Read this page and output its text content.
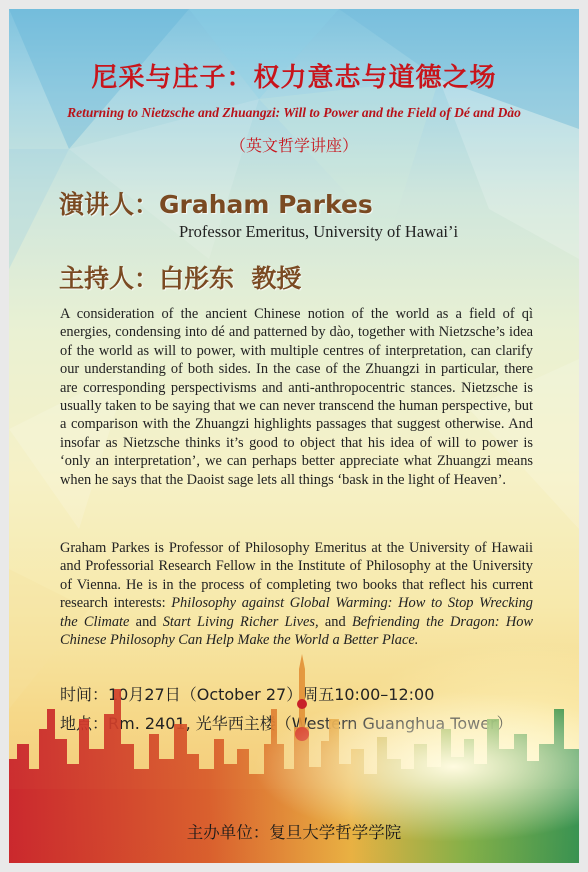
尼采与庄子：权力意志与道德之场
Returning to Nietzsche and Zhuangzi: Will to Power and the Field of Dé and Dào
（英文哲学讲座）
演讲人：Graham Parkes
Professor Emeritus, University of Hawai’i
主持人：白彤东  教授

A consideration of the ancient Chinese notion of the world as a field of qì energies, condensing into dé and patterned by dào, together with Nietzsche’s idea of the world as will to power, with multiple centres of interpretation, can clarify our understanding of both sides. In the case of the Zhuangzi in particular, there are corresponding perspectivisms and anti-anthropocentric stances. Nietzsche is usually taken to be saying that we can never transcend the human perspective, but a comparison with the Zhuangzi highlights passages that suggest otherwise. And insofar as Nietzsche thinks it’s good to object that his idea of will to power is ‘only an interpretation’, we can perhaps better appreciate what Zhuangzi means when he says that the Daoist sage lets all things ‘bask in the light of Heaven’.

Graham Parkes is Professor of Philosophy Emeritus at the University of Hawaii and Professorial Research Fellow in the Institute of Philosophy at the University of Vienna. He is in the process of completing two books that reflect his current research interests: Philosophy against Global Warming: How to Stop Wrecking the Climate and Start Living Richer Lives, and Befriending the Dragon: How Chinese Philosophy Can Help Make the World a Better Place.

主办单位：复旦大学哲学学院
